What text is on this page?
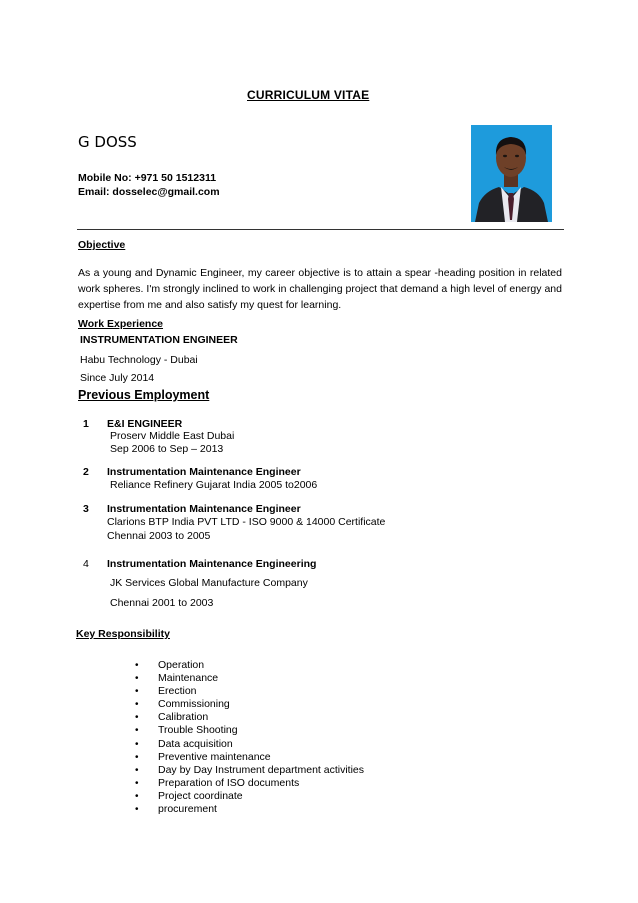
CURRICULUM VITAE
G DOSS
Mobile No: +971 50 1512311
Email: dosselec@gmail.com
Objective
As a young and Dynamic Engineer, my career objective is to attain a spear -heading position in related work spheres. I'm strongly inclined to work in challenging project that demand a high level of energy and expertise from me and also satisfy my quest for learning.
Work Experience
INSTRUMENTATION ENGINEER
Habu Technology - Dubai
Since July 2014
Previous Employment
1 E&I ENGINEER
Proserv Middle East Dubai
Sep 2006 to Sep – 2013
2 Instrumentation Maintenance Engineer
Reliance Refinery Gujarat India 2005 to2006
3 Instrumentation Maintenance Engineer
Clarions BTP India PVT LTD - ISO 9000 & 14000 Certificate
Chennai 2003 to 2005
4 Instrumentation Maintenance Engineering
JK Services Global Manufacture Company
Chennai 2001 to 2003
Key Responsibility
• Operation
• Maintenance
• Erection
• Commissioning
• Calibration
• Trouble Shooting
• Data acquisition
• Preventive maintenance
• Day by Day Instrument department activities
• Preparation of ISO documents
• Project coordinate
• procurement
